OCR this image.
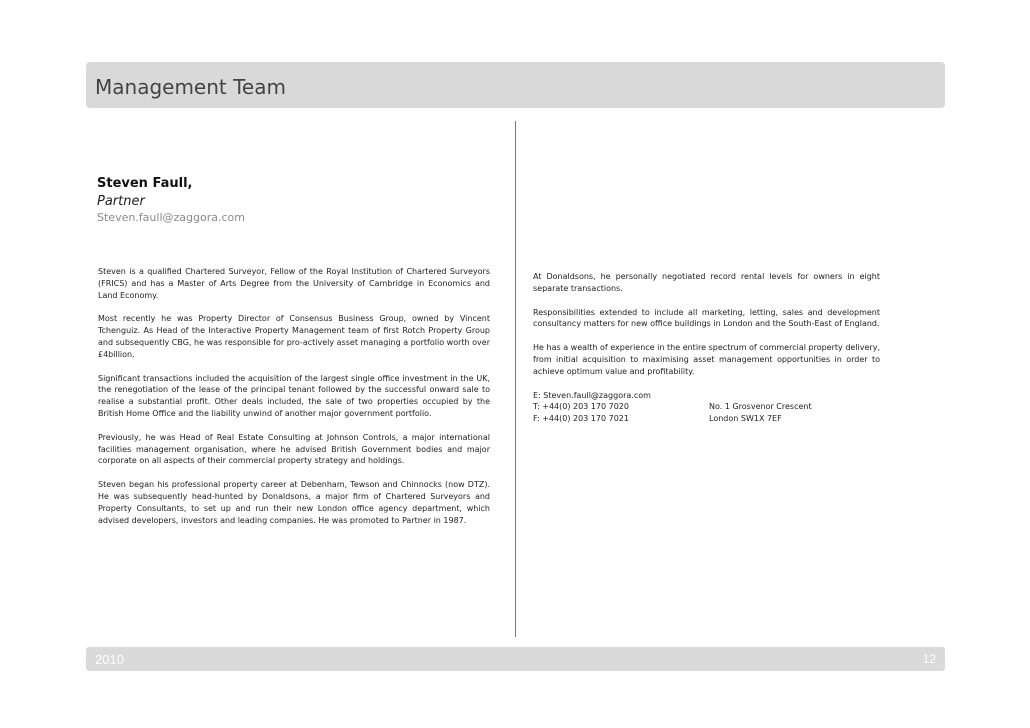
Management Team
Steven Faull,
Partner
Steven.faull@zaggora.com

Steven is a qualified Chartered Surveyor, Fellow of the Royal Institution of Chartered Surveyors (FRICS) and has a Master of Arts Degree from the University of Cambridge in Economics and Land Economy.

Most recently he was Property Director of Consensus Business Group, owned by Vincent Tchenguiz. As Head of the Interactive Property Management team of first Rotch Property Group and subsequently CBG, he was responsible for pro-actively asset managing a portfolio worth over £4billion.

Significant transactions included the acquisition of the largest single office investment in the UK, the renegotiation of the lease of the principal tenant followed by the successful onward sale to realise a substantial profit. Other deals included, the sale of two properties occupied by the British Home Office and the liability unwind of another major government portfolio.

Previously, he was Head of Real Estate Consulting at Johnson Controls, a major international facilities management organisation, where he advised British Government bodies and major corporate on all aspects of their commercial property strategy and holdings.

Steven began his professional property career at Debenham, Tewson and Chinnocks (now DTZ). He was subsequently head-hunted by Donaldsons, a major firm of Chartered Surveyors and Property Consultants, to set up and run their new London office agency department, which advised developers, investors and leading companies. He was promoted to Partner in 1987.

At Donaldsons, he personally negotiated record rental levels for owners in eight separate transactions.

Responsibilities extended to include all marketing, letting, sales and development consultancy matters for new office buildings in London and the South-East of England.

He has a wealth of experience in the entire spectrum of commercial property delivery, from initial acquisition to maximising asset management opportunities in order to achieve optimum value and profitability.

E: Steven.faull@zaggora.com
T: +44(0) 203 170 7020	No. 1 Grosvenor Crescent
F: +44(0) 203 170 7021	London SW1X 7EF
2010	12
